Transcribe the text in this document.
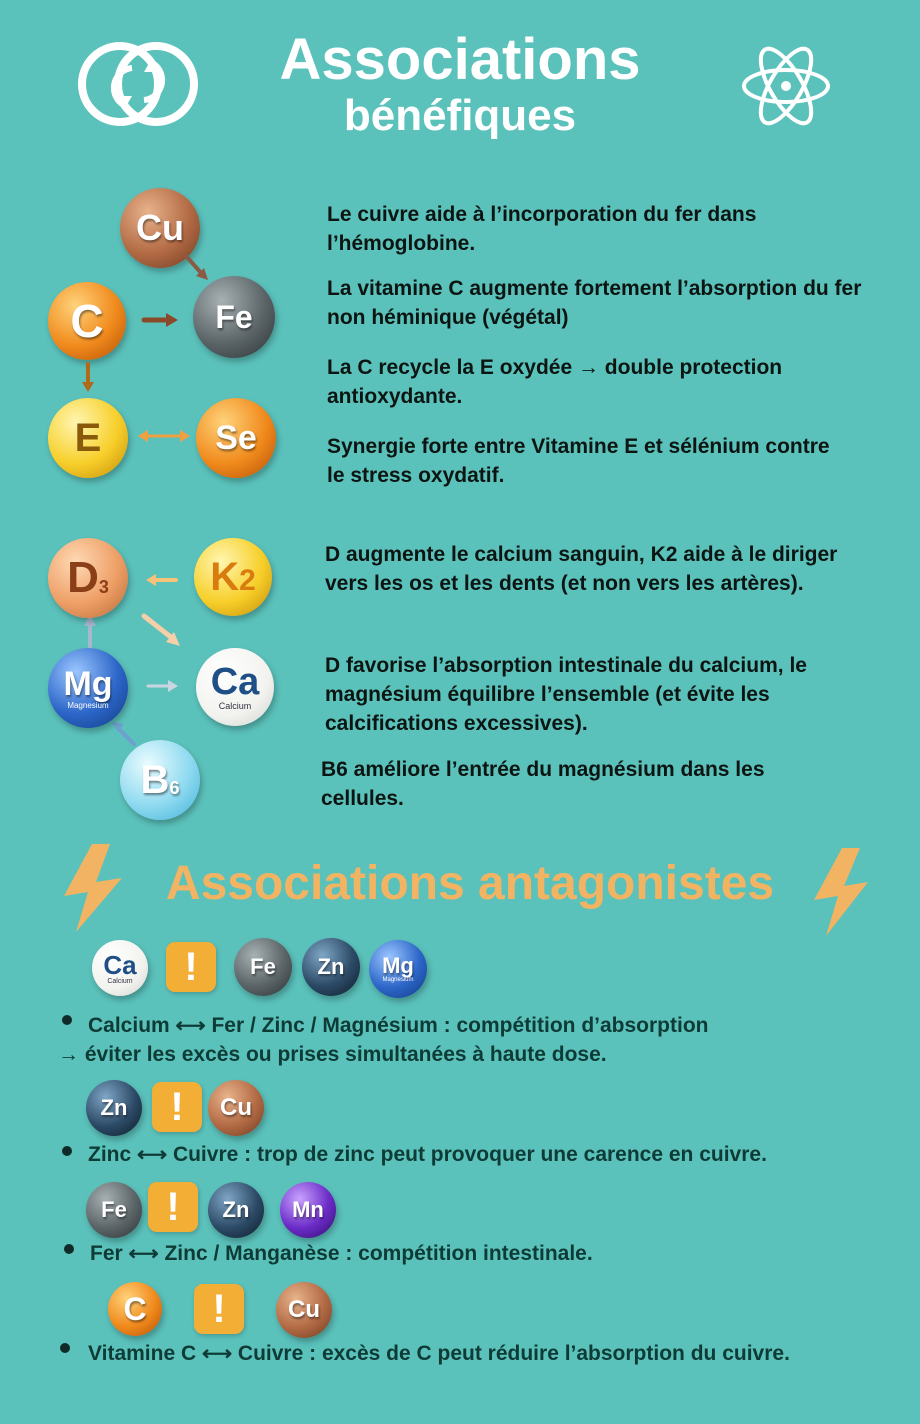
Associations
bénéfiques
Cu
Fe
C
E	Se
D 3	K 2
Mg
Magnesium
Ca
Calcium
B 6
Le cuivre aide à l’incorporation du fer dans l’hémoglobine.
La vitamine C augmente fortement l’absorption du fer non héminique (végétal)
La C recycle la E oxydée → double protection antioxydante.
Synergie forte entre Vitamine E et sélénium contre le stress oxydatif.
D augmente le calcium sanguin, K2 aide à le diriger vers les os et les dents (et non vers les artères).
D favorise l’absorption intestinale du calcium, le magnésium équilibre l’ensemble (et évite les calcifications excessives).
B6 améliore l’entrée du magnésium dans les cellules.
Associations antagonistes
Ca
Calcium	!	Fe Zn Mg
Magnesium
Calcium ⟷ Fer / Zinc / Magnésium : compétition d’absorption
→ éviter les excès ou prises simultanées à haute dose.
Zn	!	Cu
Zinc ⟷ Cuivre : trop de zinc peut provoquer une carence en cuivre.
Fe !	Zn Mn
Fer ⟷ Zinc / Manganèse : compétition intestinale.
C	!	Cu
Vitamine C ⟷ Cuivre : excès de C peut réduire l’absorption du cuivre.
